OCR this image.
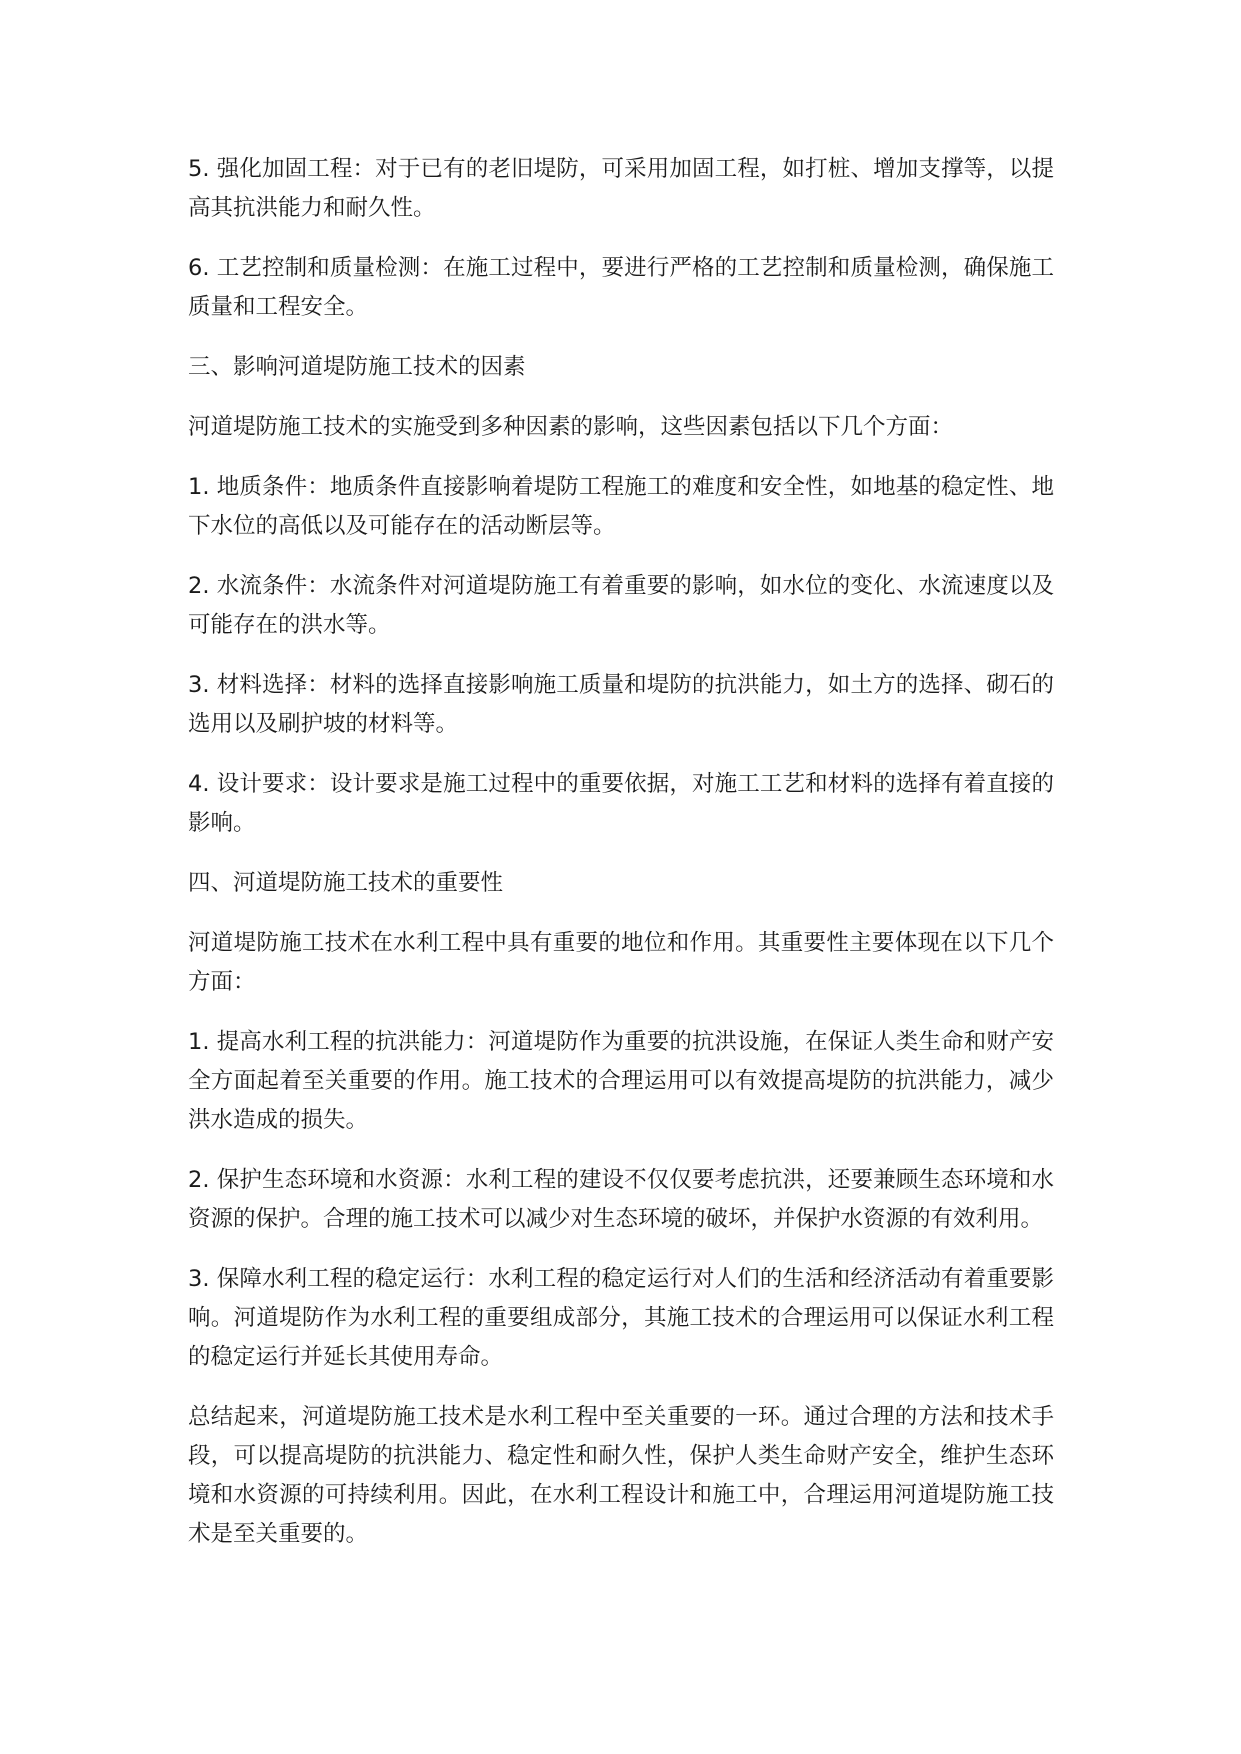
5. 强化加固工程：对于已有的老旧堤防，可采用加固工程，如打桩、增加支撑等，以提高其抗洪能力和耐久性。

6. 工艺控制和质量检测：在施工过程中，要进行严格的工艺控制和质量检测，确保施工质量和工程安全。

三、影响河道堤防施工技术的因素

河道堤防施工技术的实施受到多种因素的影响，这些因素包括以下几个方面：

1. 地质条件：地质条件直接影响着堤防工程施工的难度和安全性，如地基的稳定性、地下水位的高低以及可能存在的活动断层等。

2. 水流条件：水流条件对河道堤防施工有着重要的影响，如水位的变化、水流速度以及可能存在的洪水等。

3. 材料选择：材料的选择直接影响施工质量和堤防的抗洪能力，如土方的选择、砌石的选用以及刷护坡的材料等。

4. 设计要求：设计要求是施工过程中的重要依据，对施工工艺和材料的选择有着直接的影响。

四、河道堤防施工技术的重要性

河道堤防施工技术在水利工程中具有重要的地位和作用。其重要性主要体现在以下几个方面：

1. 提高水利工程的抗洪能力：河道堤防作为重要的抗洪设施，在保证人类生命和财产安全方面起着至关重要的作用。施工技术的合理运用可以有效提高堤防的抗洪能力，减少洪水造成的损失。

2. 保护生态环境和水资源：水利工程的建设不仅仅要考虑抗洪，还要兼顾生态环境和水资源的保护。合理的施工技术可以减少对生态环境的破坏，并保护水资源的有效利用。

3. 保障水利工程的稳定运行：水利工程的稳定运行对人们的生活和经济活动有着重要影响。河道堤防作为水利工程的重要组成部分，其施工技术的合理运用可以保证水利工程的稳定运行并延长其使用寿命。

总结起来，河道堤防施工技术是水利工程中至关重要的一环。通过合理的方法和技术手段，可以提高堤防的抗洪能力、稳定性和耐久性，保护人类生命财产安全，维护生态环境和水资源的可持续利用。因此，在水利工程设计和施工中，合理运用河道堤防施工技术是至关重要的。
